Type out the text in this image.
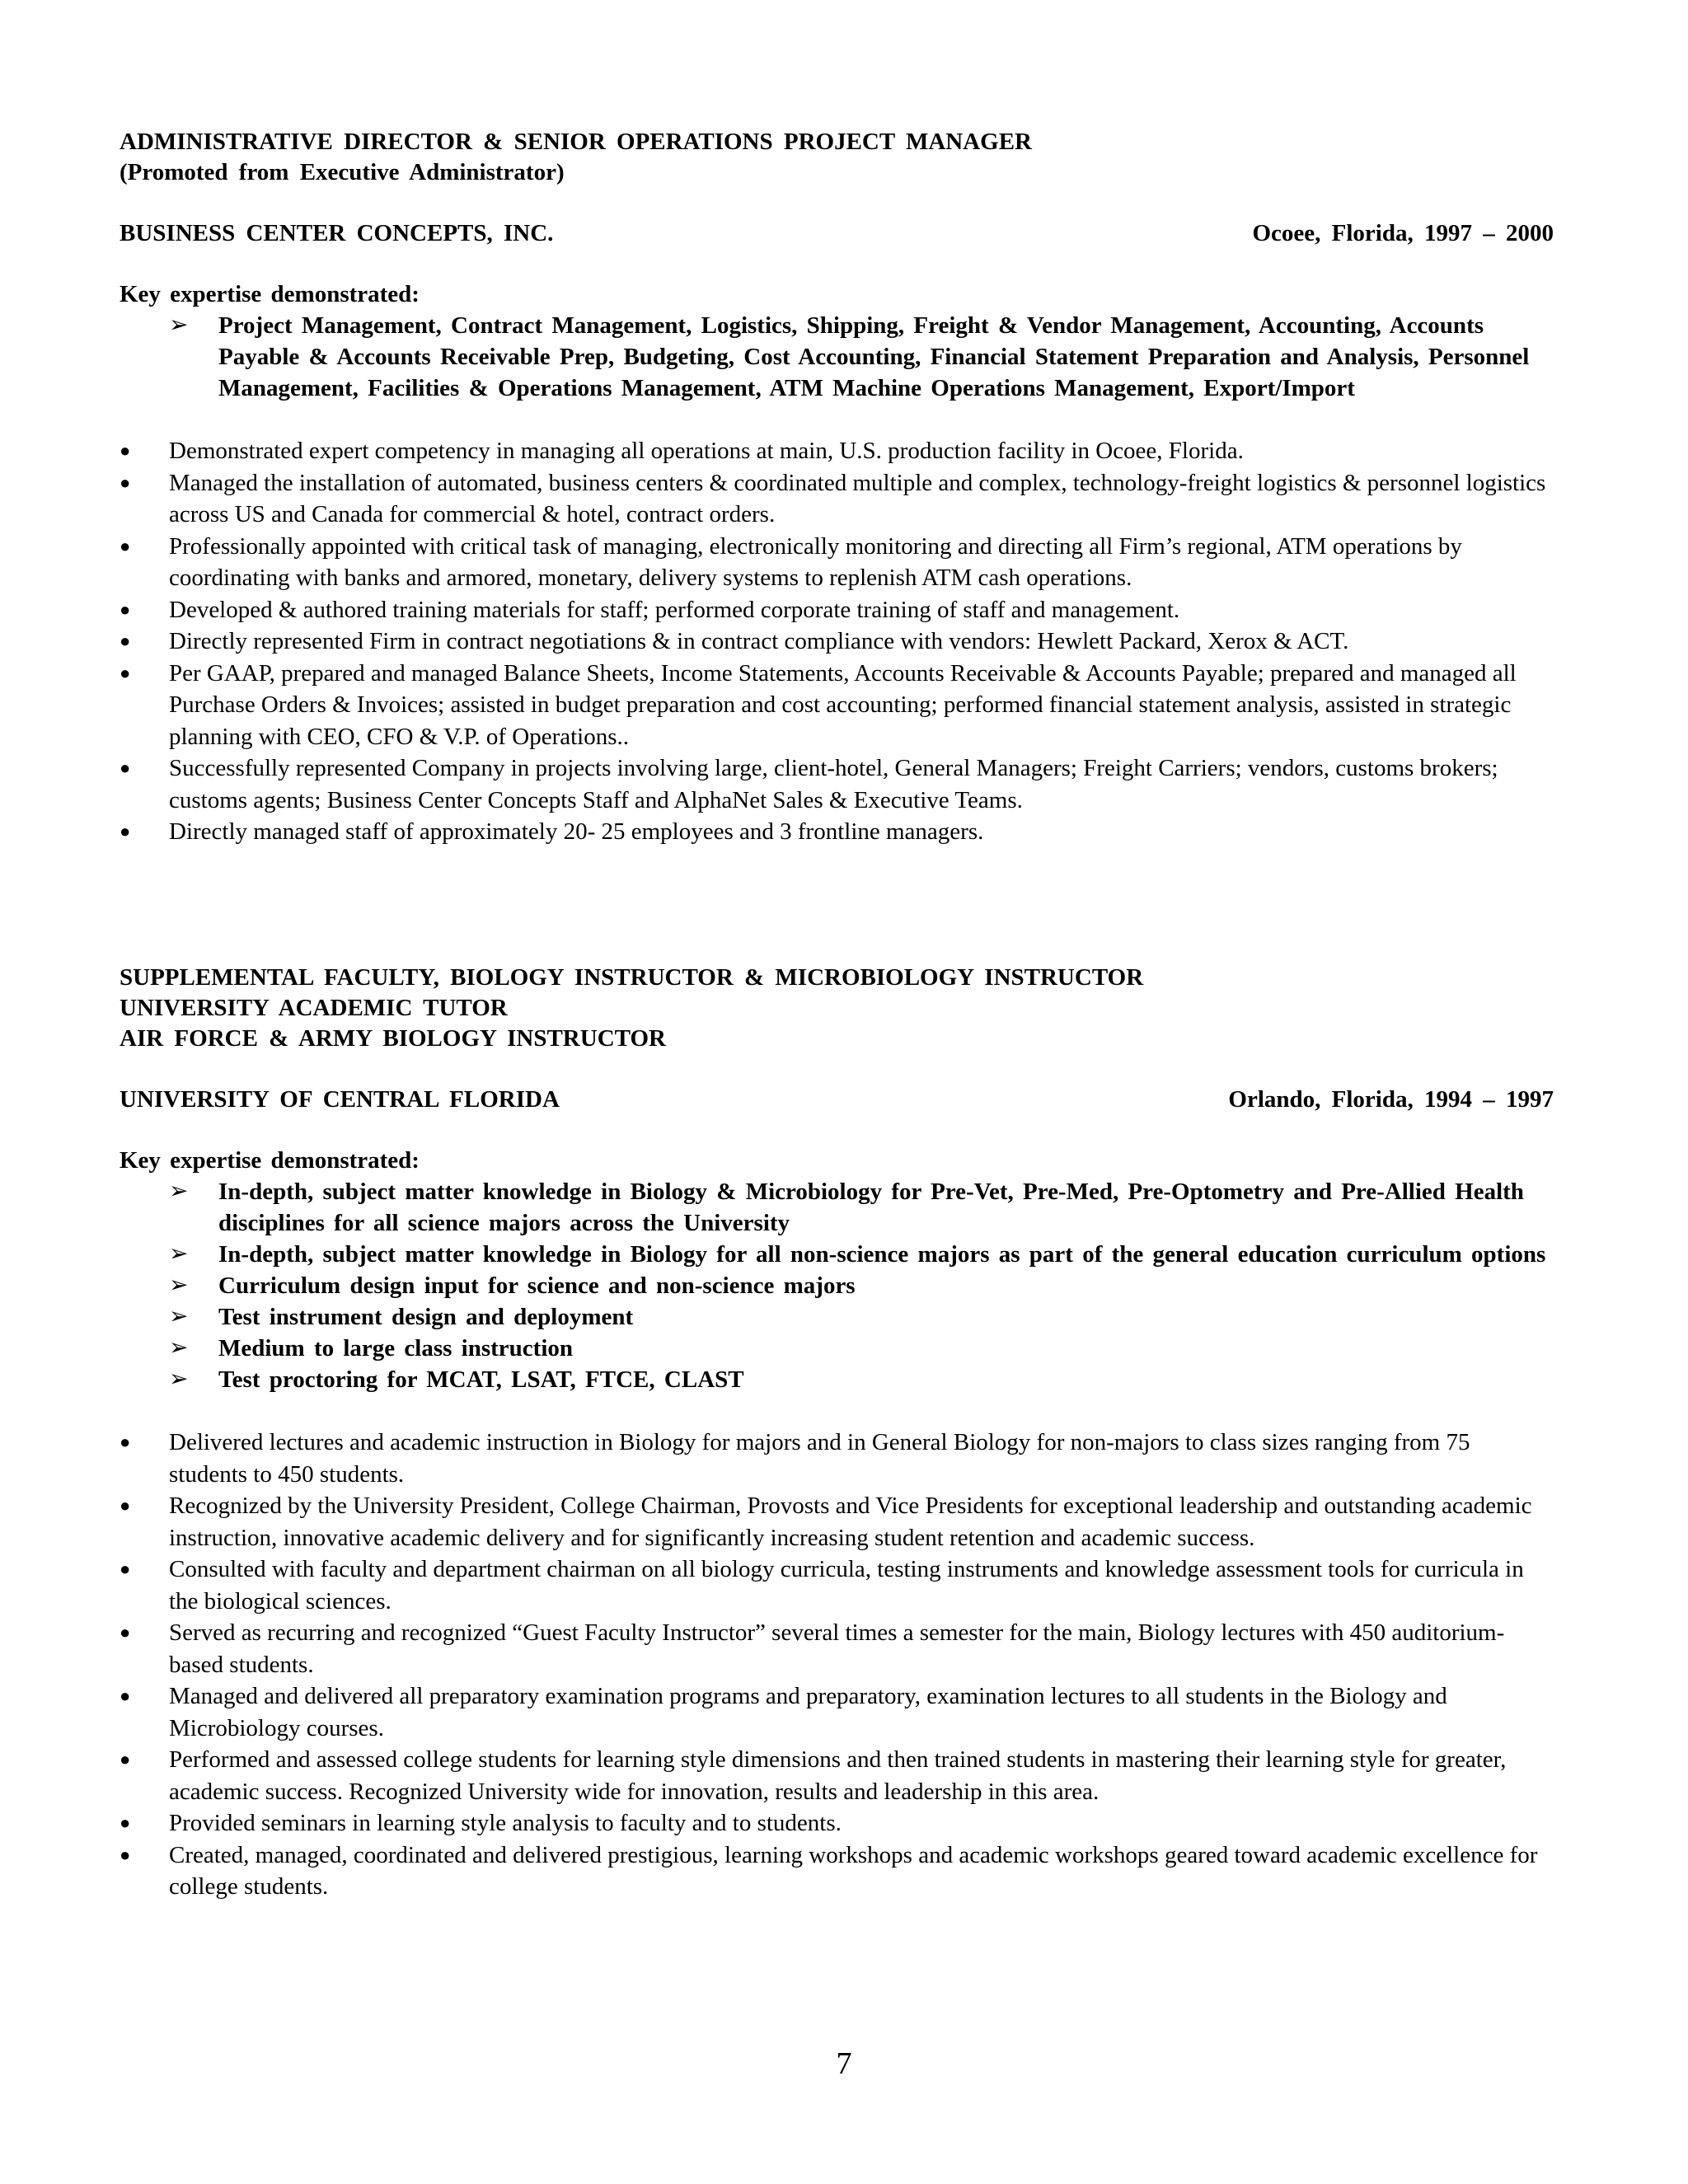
ADMINISTRATIVE DIRECTOR & SENIOR OPERATIONS PROJECT MANAGER
(Promoted from Executive Administrator)
BUSINESS CENTER CONCEPTS, INC.	Ocoee, Florida, 1997 – 2000
Key expertise demonstrated:
➢ Project Management, Contract Management, Logistics, Shipping, Freight & Vendor Management, Accounting, Accounts Payable & Accounts Receivable Prep, Budgeting, Cost Accounting, Financial Statement Preparation and Analysis, Personnel Management, Facilities & Operations Management, ATM Machine Operations Management, Export/Import
● Demonstrated expert competency in managing all operations at main, U.S. production facility in Ocoee, Florida.
● Managed the installation of automated, business centers & coordinated multiple and complex, technology-freight logistics & personnel logistics across US and Canada for commercial & hotel, contract orders.
● Professionally appointed with critical task of managing, electronically monitoring and directing all Firm’s regional, ATM operations by coordinating with banks and armored, monetary, delivery systems to replenish ATM cash operations.
● Developed & authored training materials for staff; performed corporate training of staff and management.
● Directly represented Firm in contract negotiations & in contract compliance with vendors: Hewlett Packard, Xerox & ACT.
● Per GAAP, prepared and managed Balance Sheets, Income Statements, Accounts Receivable & Accounts Payable; prepared and managed all Purchase Orders & Invoices; assisted in budget preparation and cost accounting; performed financial statement analysis, assisted in strategic planning with CEO, CFO & V.P. of Operations..
● Successfully represented Company in projects involving large, client-hotel, General Managers; Freight Carriers; vendors, customs brokers; customs agents; Business Center Concepts Staff and AlphaNet Sales & Executive Teams.
● Directly managed staff of approximately 20- 25 employees and 3 frontline managers.
SUPPLEMENTAL FACULTY, BIOLOGY INSTRUCTOR & MICROBIOLOGY INSTRUCTOR
UNIVERSITY ACADEMIC TUTOR
AIR FORCE & ARMY BIOLOGY INSTRUCTOR
UNIVERSITY OF CENTRAL FLORIDA	Orlando, Florida, 1994 – 1997
Key expertise demonstrated:
➢ In-depth, subject matter knowledge in Biology & Microbiology for Pre-Vet, Pre-Med, Pre-Optometry and Pre-Allied Health disciplines for all science majors across the University
➢ In-depth, subject matter knowledge in Biology for all non-science majors as part of the general education curriculum options
➢ Curriculum design input for science and non-science majors
➢ Test instrument design and deployment
➢ Medium to large class instruction
➢ Test proctoring for MCAT, LSAT, FTCE, CLAST
● Delivered lectures and academic instruction in Biology for majors and in General Biology for non-majors to class sizes ranging from 75 students to 450 students.
● Recognized by the University President, College Chairman, Provosts and Vice Presidents for exceptional leadership and outstanding academic instruction, innovative academic delivery and for significantly increasing student retention and academic success.
● Consulted with faculty and department chairman on all biology curricula, testing instruments and knowledge assessment tools for curricula in the biological sciences.
● Served as recurring and recognized “Guest Faculty Instructor” several times a semester for the main, Biology lectures with 450 auditorium-based students.
● Managed and delivered all preparatory examination programs and preparatory, examination lectures to all students in the Biology and Microbiology courses.
● Performed and assessed college students for learning style dimensions and then trained students in mastering their learning style for greater, academic success. Recognized University wide for innovation, results and leadership in this area.
● Provided seminars in learning style analysis to faculty and to students.
● Created, managed, coordinated and delivered prestigious, learning workshops and academic workshops geared toward academic excellence for college students.
7
